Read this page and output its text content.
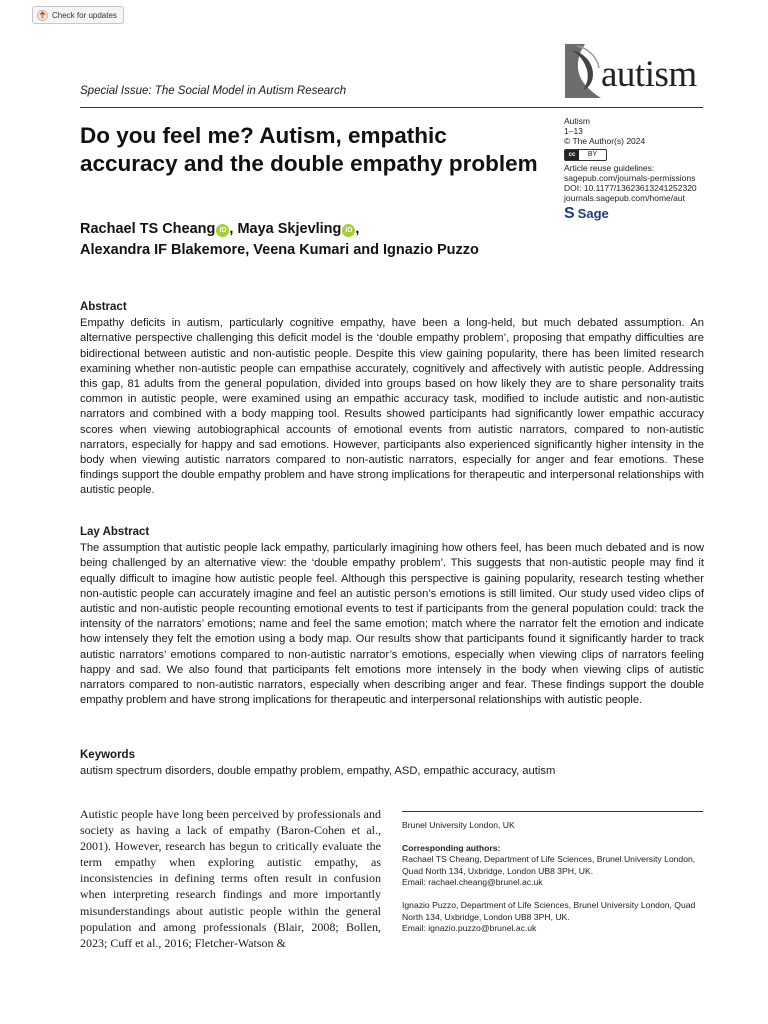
Check for updates
Special Issue: The Social Model in Autism Research	autism
Do you feel me? Autism, empathic accuracy and the double empathy problem
Autism
1–13
© The Author(s) 2024
cc	BY
Article reuse guidelines:
sagepub.com/journals-permissions
DOI: 10.1177/13623613241252320
journals.sagepub.com/home/aut
S Sage
Rachael TS Cheang iD , Maya Skjevling iD ,
Alexandra IF Blakemore, Veena Kumari and Ignazio Puzzo
Abstract

Empathy deficits in autism, particularly cognitive empathy, have been a long-held, but much debated assumption. An alternative perspective challenging this deficit model is the ‘double empathy problem’, proposing that empathy difficulties are bidirectional between autistic and non-autistic people. Despite this view gaining popularity, there has been limited research examining whether non-autistic people can empathise accurately, cognitively and affectively with autistic people. Addressing this gap, 81 adults from the general population, divided into groups based on how likely they are to share personality traits common in autistic people, were examined using an empathic accuracy task, modified to include autistic and non-autistic narrators and combined with a body mapping tool. Results showed participants had significantly lower empathic accuracy scores when viewing autobiographical accounts of emotional events from autistic narrators, compared to non-autistic narrators, especially for happy and sad emotions. However, participants also experienced significantly higher intensity in the body when viewing autistic narrators compared to non-autistic narrators, especially for anger and fear emotions. These findings support the double empathy problem and have strong implications for therapeutic and interpersonal relationships with autistic people.

Lay Abstract

The assumption that autistic people lack empathy, particularly imagining how others feel, has been much debated and is now being challenged by an alternative view: the ‘double empathy problem’. This suggests that non-autistic people may find it equally difficult to imagine how autistic people feel. Although this perspective is gaining popularity, research testing whether non-autistic people can accurately imagine and feel an autistic person’s emotions is still limited. Our study used video clips of autistic and non-autistic people recounting emotional events to test if participants from the general population could: track the intensity of the narrators’ emotions; name and feel the same emotion; match where the narrator felt the emotion and indicate how intensely they felt the emotion using a body map. Our results show that participants found it significantly harder to track autistic narrators’ emotions compared to non-autistic narrator’s emotions, especially when viewing clips of narrators feeling happy and sad. We also found that participants felt emotions more intensely in the body when viewing clips of autistic narrators compared to non-autistic narrators, especially when describing anger and fear. These findings support the double empathy problem and have strong implications for therapeutic and interpersonal relationships with autistic people.

Keywords

autism spectrum disorders, double empathy problem, empathy, ASD, empathic accuracy, autism

Autistic people have long been perceived by professionals and society as having a lack of empathy (Baron-Cohen et al., 2001). However, research has begun to critically evaluate the term empathy when exploring autistic empathy, as inconsistencies in defining terms often result in confusion when interpreting research findings and more importantly misunderstandings about autistic people within the general population and among professionals (Blair, 2008; Bollen, 2023; Cuff et al., 2016; Fletcher-Watson &

Brunel University London, UK

Corresponding authors:
Rachael TS Cheang, Department of Life Sciences, Brunel University London, Quad North 134, Uxbridge, London UB8 3PH, UK.

Email: rachael.cheang@brunel.ac.uk

Ignazio Puzzo, Department of Life Sciences, Brunel University London, Quad North 134, Uxbridge, London UB8 3PH, UK.

Email: ignazio.puzzo@brunel.ac.uk
